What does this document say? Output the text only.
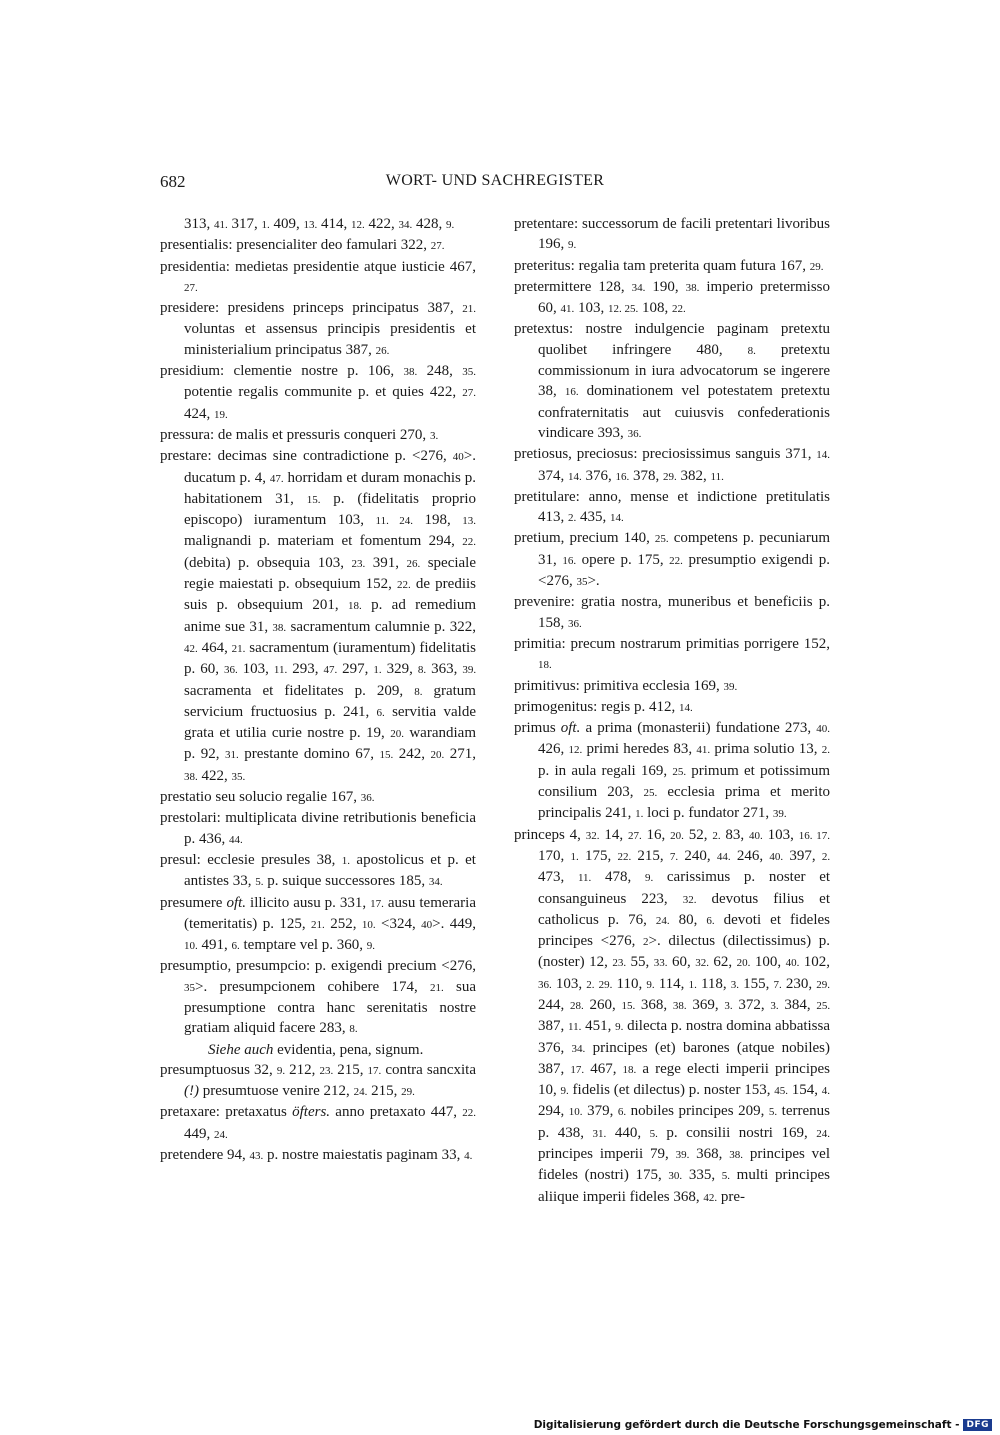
682	WORT- UND SACHREGISTER

313, 41. 317, 1. 409, 13. 414, 12. 422, 34. 428, 9.

presentialis: presencialiter deo famulari 322, 27.

presidentia: medietas presidentie atque iusticie 467, 27.

presidere: presidens princeps principatus 387, 21. voluntas et assensus principis presidentis et ministerialium principatus 387, 26.

presidium: clementie nostre p. 106, 38. 248, 35. potentie regalis communite p. et quies 422, 27. 424, 19.

pressura: de malis et pressuris conqueri 270, 3.

prestare: decimas sine contradictione p. <276, 40>. ducatum p. 4, 47. horridam et duram monachis p. habitationem 31, 15. p. (fidelitatis proprio episcopo) iuramentum 103, 11. 24. 198, 13. malignandi p. materiam et fomentum 294, 22. (debita) p. obsequia 103, 23. 391, 26. speciale regie maiestati p. obsequium 152, 22. de prediis suis p. obsequium 201, 18. p. ad remedium anime sue 31, 38. sacramentum calumnie p. 322, 42. 464, 21. sacramentum (iuramentum) fidelitatis p. 60, 36. 103, 11. 293, 47. 297, 1. 329, 8. 363, 39. sacramenta et fidelitates p. 209, 8. gratum servicium fructuosius p. 241, 6. servitia valde grata et utilia curie nostre p. 19, 20. warandiam p. 92, 31. prestante domino 67, 15. 242, 20. 271, 38. 422, 35.

prestatio seu solucio regalie 167, 36.

prestolari: multiplicata divine retributionis beneficia p. 436, 44.

presul: ecclesie presules 38, 1. apostolicus et p. et antistes 33, 5. p. suique successores 185, 34.

presumere oft. illicito ausu p. 331, 17. ausu temeraria (temeritatis) p. 125, 21. 252, 10. <324, 40>. 449, 10. 491, 6. temptare vel p. 360, 9.

presumptio, presumpcio: p. exigendi precium <276, 35>. presumpcionem cohibere 174, 21. sua presumptione contra hanc serenitatis nostre gratiam aliquid facere 283, 8.

Siehe auch evidentia, pena, signum.

presumptuosus 32, 9. 212, 23. 215, 17. contra sancxita (!) presumtuose venire 212, 24. 215, 29.

pretaxare: pretaxatus öfters. anno pretaxato 447, 22. 449, 24.

pretendere 94, 43. p. nostre maiestatis paginam 33, 4.

pretentare: successorum de facili pretentari livoribus 196, 9.

preteritus: regalia tam preterita quam futura 167, 29.

pretermittere 128, 34. 190, 38. imperio pretermisso 60, 41. 103, 12. 25. 108, 22.

pretextus: nostre indulgencie paginam pretextu quolibet infringere 480, 8. pretextu commissionum in iura advocatorum se ingerere 38, 16. dominationem vel potestatem pretextu confraternitatis aut cuiusvis confederationis vindicare 393, 36.

pretiosus, preciosus: preciosissimus sanguis 371, 14. 374, 14. 376, 16. 378, 29. 382, 11.

pretitulare: anno, mense et indictione pretitulatis 413, 2. 435, 14.

pretium, precium 140, 25. competens p. pecuniarum 31, 16. opere p. 175, 22. presumptio exigendi p. <276, 35>.

prevenire: gratia nostra, muneribus et beneficiis p. 158, 36.

primitia: precum nostrarum primitias porrigere 152, 18.

primitivus: primitiva ecclesia 169, 39.

primogenitus: regis p. 412, 14.

primus oft. a prima (monasterii) fundatione 273, 40. 426, 12. primi heredes 83, 41. prima solutio 13, 2. p. in aula regali 169, 25. primum et potissimum consilium 203, 25. ecclesia prima et merito principalis 241, 1. loci p. fundator 271, 39.

princeps 4, 32. 14, 27. 16, 20. 52, 2. 83, 40. 103, 16. 17. 170, 1. 175, 22. 215, 7. 240, 44. 246, 40. 397, 2. 473, 11. 478, 9. carissimus p. noster et consanguineus 223, 32. devotus filius et catholicus p. 76, 24. 80, 6. devoti et fideles principes <276, 2>. dilectus (dilectissimus) p. (noster) 12, 23. 55, 33. 60, 32. 62, 20. 100, 40. 102, 36. 103, 2. 29. 110, 9. 114, 1. 118, 3. 155, 7. 230, 29. 244, 28. 260, 15. 368, 38. 369, 3. 372, 3. 384, 25. 387, 11. 451, 9. dilecta p. nostra domina abbatissa 376, 34. principes (et) barones (atque nobiles) 387, 17. 467, 18. a rege electi imperii principes 10, 9. fidelis (et dilectus) p. noster 153, 45. 154, 4. 294, 10. 379, 6. nobiles principes 209, 5. terrenus p. 438, 31. 440, 5. p. consilii nostri 169, 24. principes imperii 79, 39. 368, 38. principes vel fideles (nostri) 175, 30. 335, 5. multi principes aliique imperii fideles 368, 42. pre-

Digitalisierung gefördert durch die Deutsche Forschungsgemeinschaft - DFG
